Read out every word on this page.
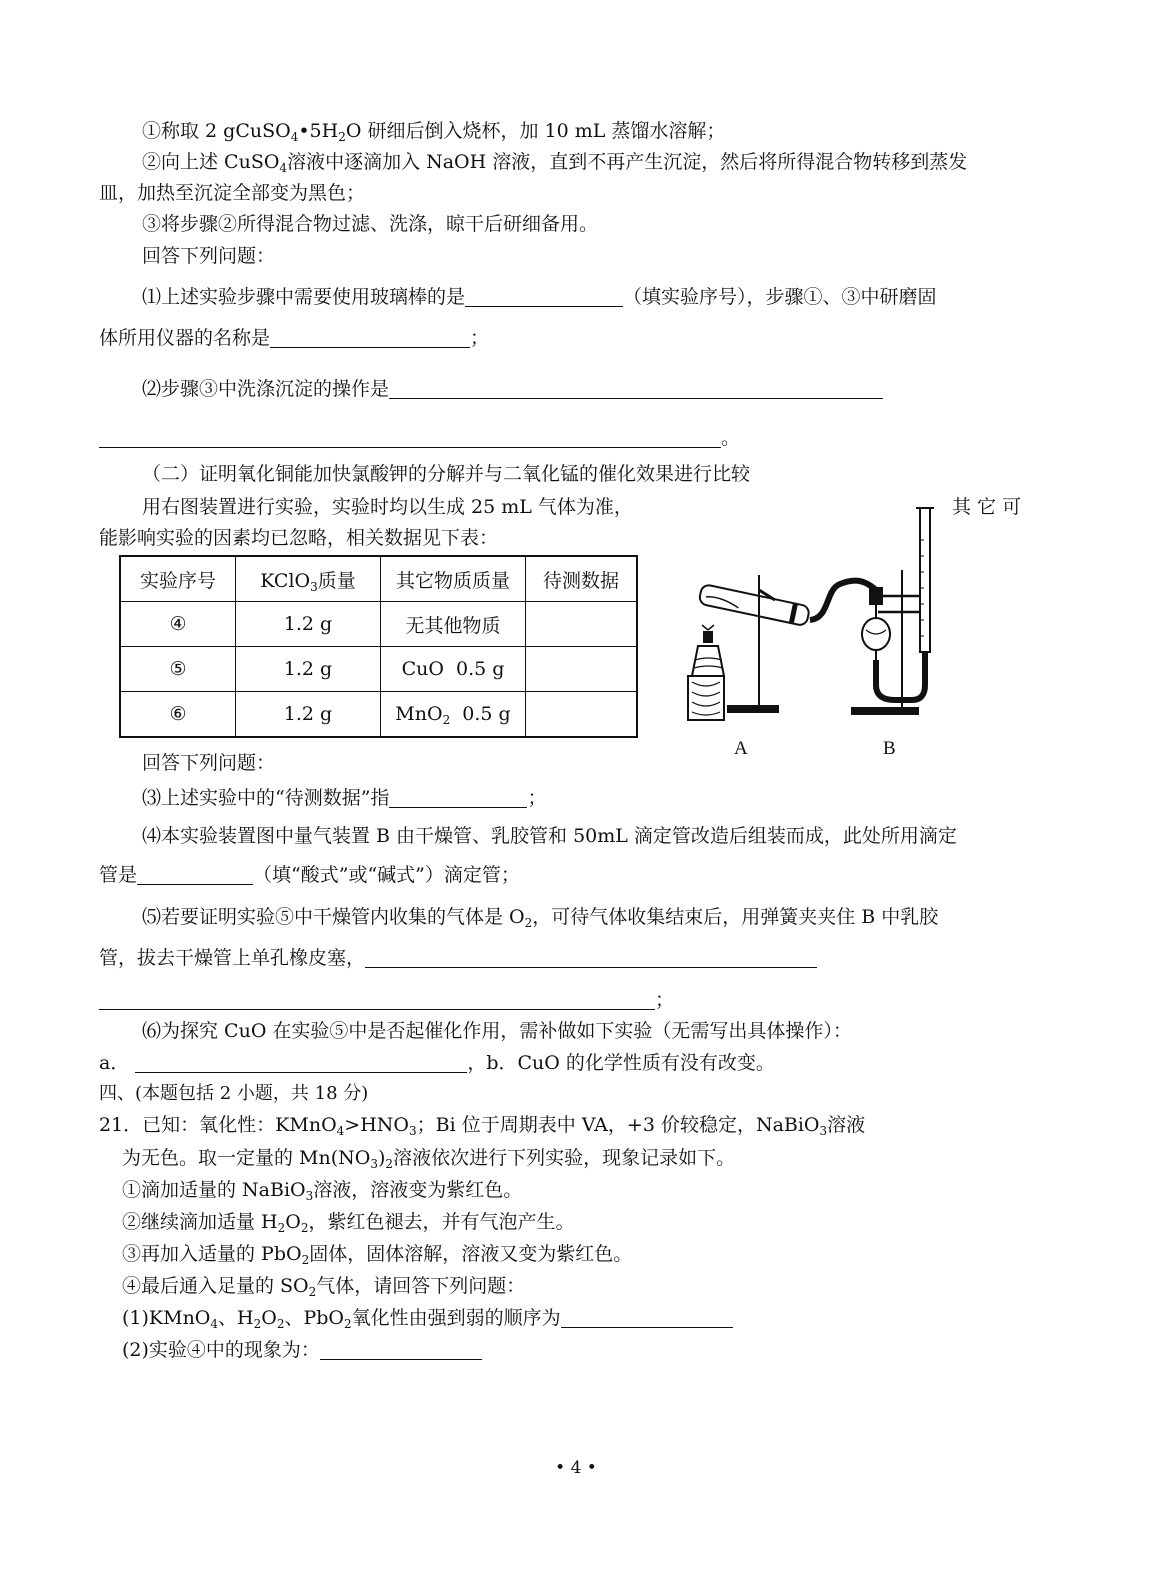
①称取 2 $gCuSO_4•5H_2O$ 研细后倒入烧杯，加 10 mL 蒸馏水溶解；
②向上述 CuSO$_4$溶液中逐滴加入 NaOH 溶液，直到不再产生沉淀，然后将所得混合物转移到蒸发
皿，加热至沉淀全部变为黑色；
③将步骤②所得混合物过滤、洗涤，晾干后研细备用。
回答下列问题：
⑴上述实验步骤中需要使用玻璃棒的是	（填实验序号），步骤①、③中研磨固
体所用仪器的名称是	；
⑵步骤③中洗涤沉淀的操作是
。
（二）证明氧化铜能加快氯酸钾的分解并与二氧化锰的催化效果进行比较
用右图装置进行实验，实验时均以生成 25 mL 气体为准，	其 它 可
能影响实验的因素均已忽略，相关数据见下表：
实验序号	KClO$_3$质量	其它物质质量	待测数据
④	1.2 g	无其他物质	
⑤	1.2 g	CuO  0.5 g	
⑥	1.2 g	MnO$_2$  0.5 g	
A	B
回答下列问题：
⑶上述实验中的“待测数据”指	；
⑷本实验装置图中量气装置 B 由干燥管、乳胶管和 50mL 滴定管改造后组装而成，此处所用滴定
管是	（填“酸式”或“碱式”）滴定管；
⑸若要证明实验⑤中干燥管内收集的气体是 $O_2$，可待气体收集结束后，用弹簧夹夹住 B 中乳胶
管，拔去干燥管上单孔橡皮塞，
；
⑹为探究 CuO 在实验⑤中是否起催化作用，需补做如下实验（无需写出具体操作）：
a．	，b．CuO 的化学性质有没有改变。
四、(本题包括 2 小题，共 18 分)
21．已知：氧化性：$KMnO_4>HNO_3$；Bi 位于周期表中 VA，+3 价较稳定，NaBiO$_3$溶液
为无色。取一定量的 $Mn(NO_3)_2$溶液依次进行下列实验，现象记录如下。
①滴加适量的 NaBiO$_3$溶液，溶液变为紫红色。
②继续滴加适量 $H_2O_2$，紫红色褪去，并有气泡产生。
③再加入适量的 PbO$_2$固体，固体溶解，溶液又变为紫红色。
④最后通入足量的 $SO_2$气体，请回答下列问题：
(1)KMnO$_4$、$H_2O_2$、PbO$_2$氧化性由强到弱的顺序为
(2)实验④中的现象为：
• 4 •
